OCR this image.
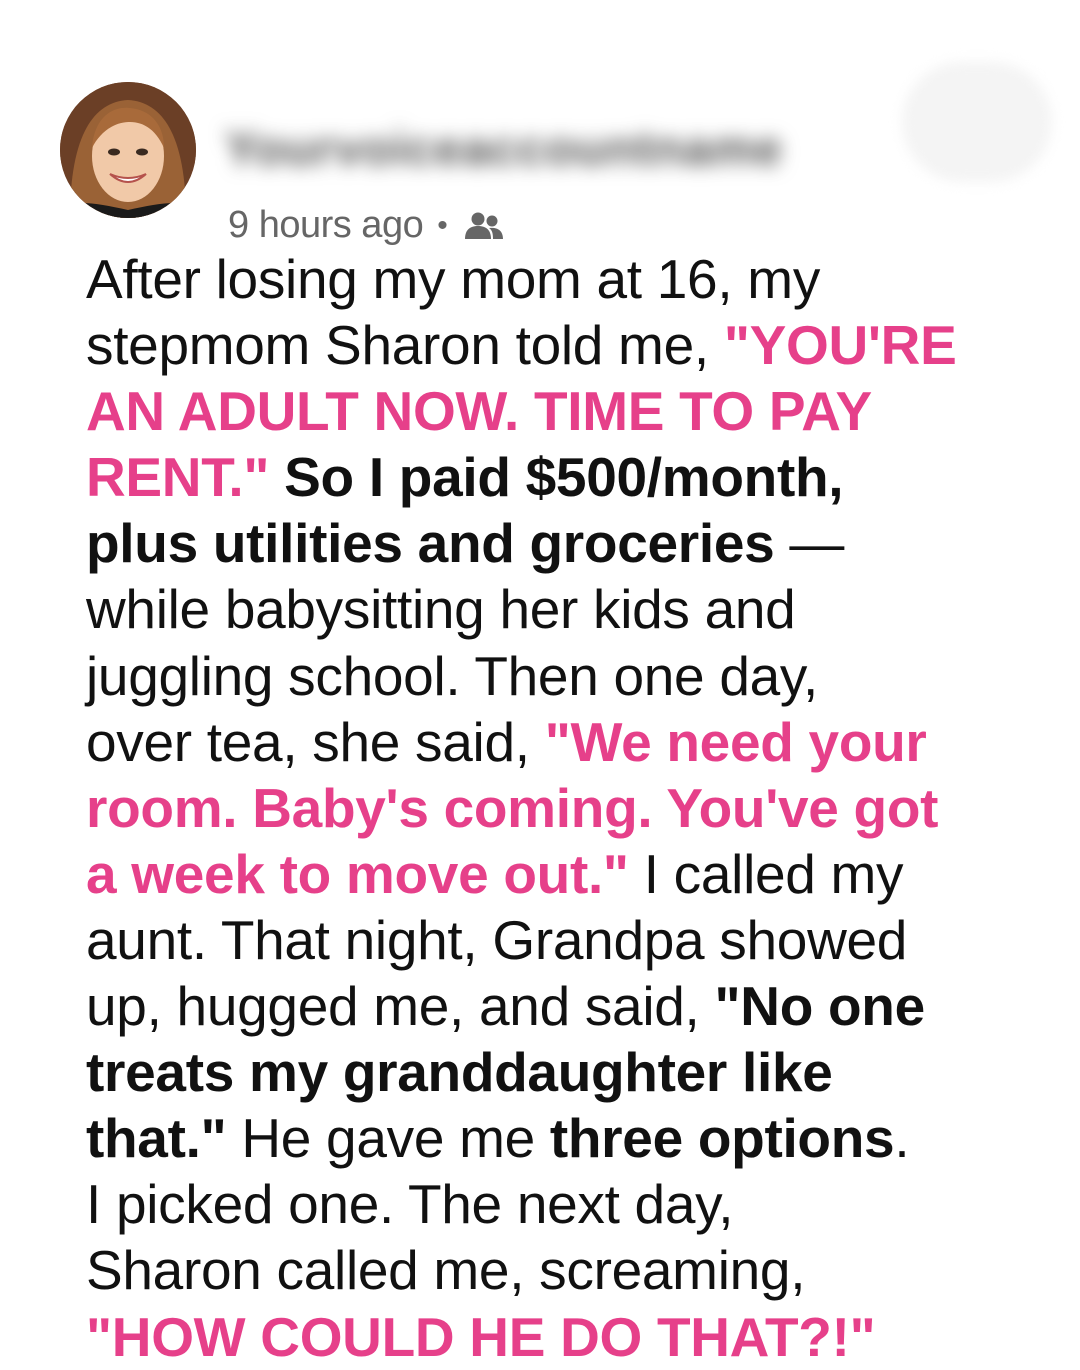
Yourvoiceaccountname
9 hours ago •
After losing my mom at 16, my
stepmom Sharon told me, "YOU'RE
AN ADULT NOW. TIME TO PAY
RENT." So I paid $500/month,
plus utilities and groceries —
while babysitting her kids and
juggling school. Then one day,
over tea, she said, "We need your
room. Baby's coming. You've got
a week to move out." I called my
aunt. That night, Grandpa showed
up, hugged me, and said, "No one
treats my granddaughter like
that." He gave me three options.
I picked one. The next day,
Sharon called me, screaming,
"HOW COULD HE DO THAT?!"
